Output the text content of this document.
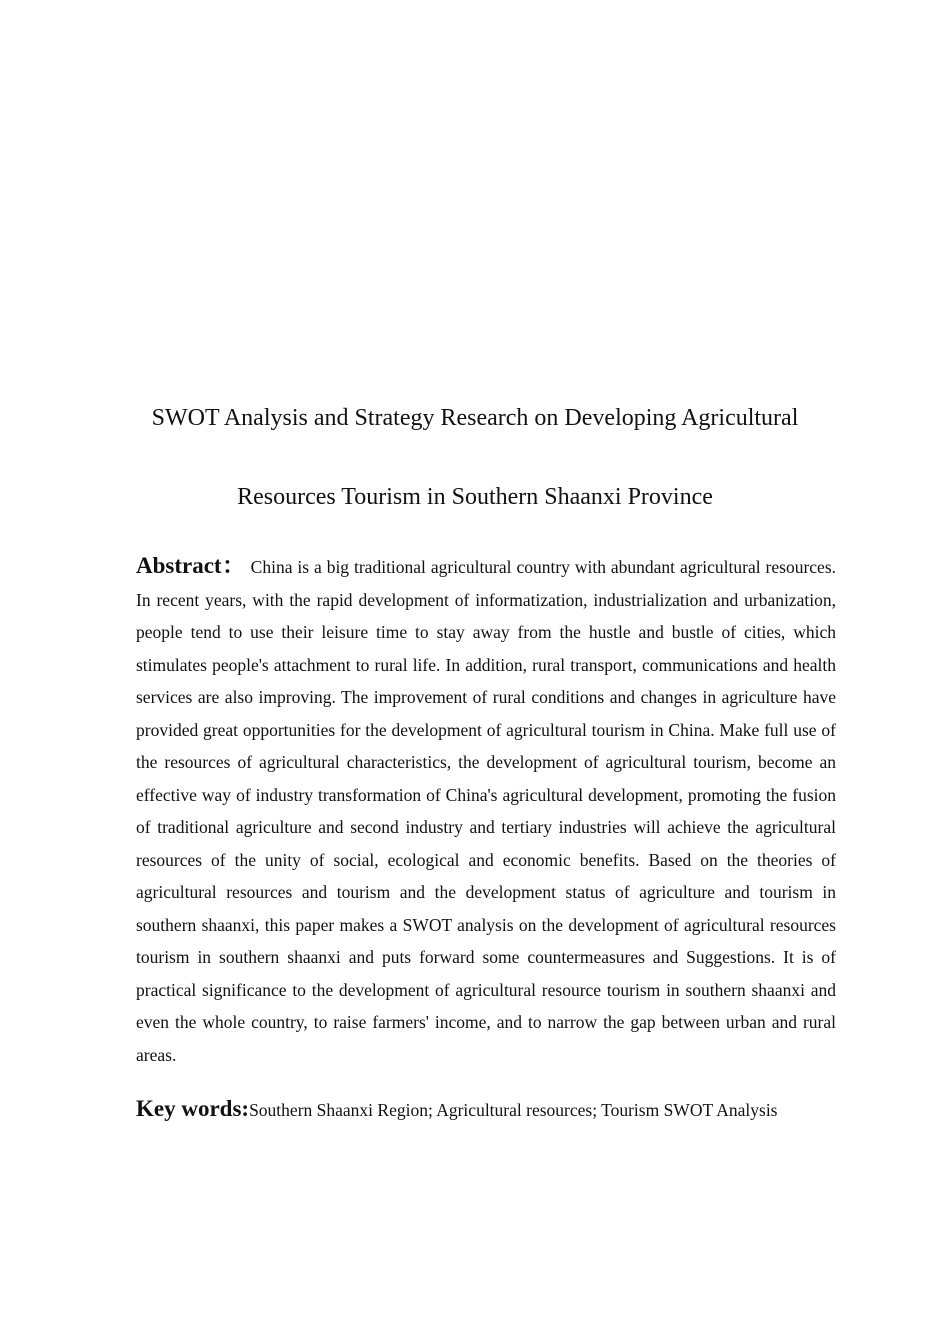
SWOT Analysis and Strategy Research on Developing Agricultural
Resources Tourism in Southern Shaanxi Province
Abstract： China is a big traditional agricultural country with abundant agricultural resources. In recent years, with the rapid development of informatization, industrialization and urbanization, people tend to use their leisure time to stay away from the hustle and bustle of cities, which stimulates people's attachment to rural life. In addition, rural transport, communications and health services are also improving. The improvement of rural conditions and changes in agriculture have provided great opportunities for the development of agricultural tourism in China. Make full use of the resources of agricultural characteristics, the development of agricultural tourism, become an effective way of industry transformation of China's agricultural development, promoting the fusion of traditional agriculture and second industry and tertiary industries will achieve the agricultural resources of the unity of social, ecological and economic benefits. Based on the theories of agricultural resources and tourism and the development status of agriculture and tourism in southern shaanxi, this paper makes a SWOT analysis on the development of agricultural resources tourism in southern shaanxi and puts forward some countermeasures and Suggestions. It is of practical significance to the development of agricultural resource tourism in southern shaanxi and even the whole country, to raise farmers' income, and to narrow the gap between urban and rural areas.
Key words:Southern Shaanxi Region; Agricultural resources; Tourism SWOT Analysis
